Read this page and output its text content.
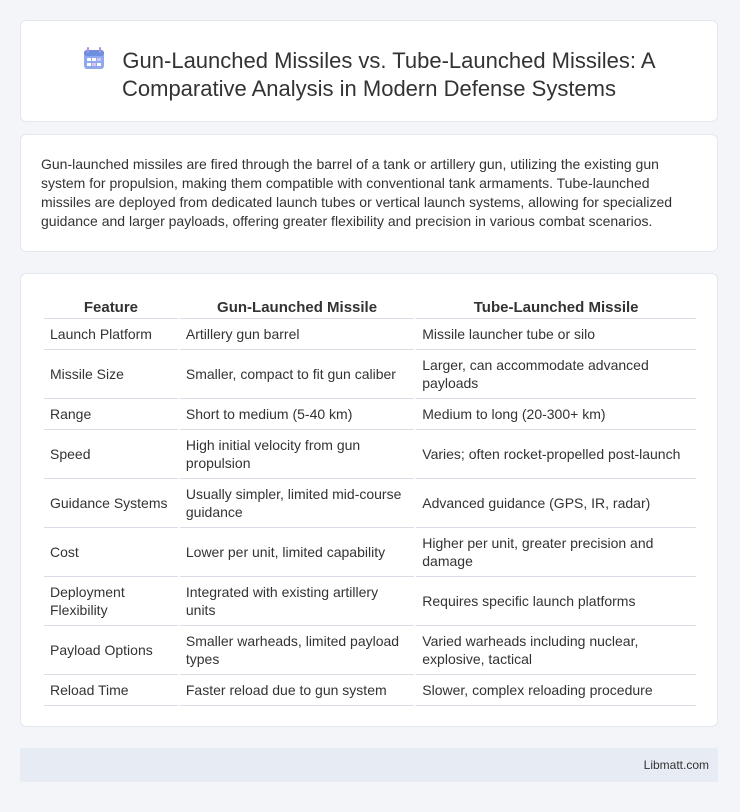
Gun-Launched Missiles vs. Tube-Launched Missiles: A
Comparative Analysis in Modern Defense Systems
Gun-launched missiles are fired through the barrel of a tank or artillery gun, utilizing the existing gun system for propulsion, making them compatible with conventional tank armaments. Tube-launched missiles are deployed from dedicated launch tubes or vertical launch systems, allowing for specialized guidance and larger payloads, offering greater flexibility and precision in various combat scenarios.
Feature	Gun-Launched Missile	Tube-Launched Missile
Launch Platform	Artillery gun barrel	Missile launcher tube or silo
Missile Size	Smaller, compact to fit gun caliber	Larger, can accommodate advanced payloads
Range	Short to medium (5-40 km)	Medium to long (20-300+ km)
Speed	High initial velocity from gun propulsion	Varies; often rocket-propelled post-launch
Guidance Systems	Usually simpler, limited mid-course guidance	Advanced guidance (GPS, IR, radar)
Cost	Lower per unit, limited capability	Higher per unit, greater precision and damage
Deployment Flexibility	Integrated with existing artillery units	Requires specific launch platforms
Payload Options	Smaller warheads, limited payload types	Varied warheads including nuclear, explosive, tactical
Reload Time	Faster reload due to gun system	Slower, complex reloading procedure
Libmatt.com
